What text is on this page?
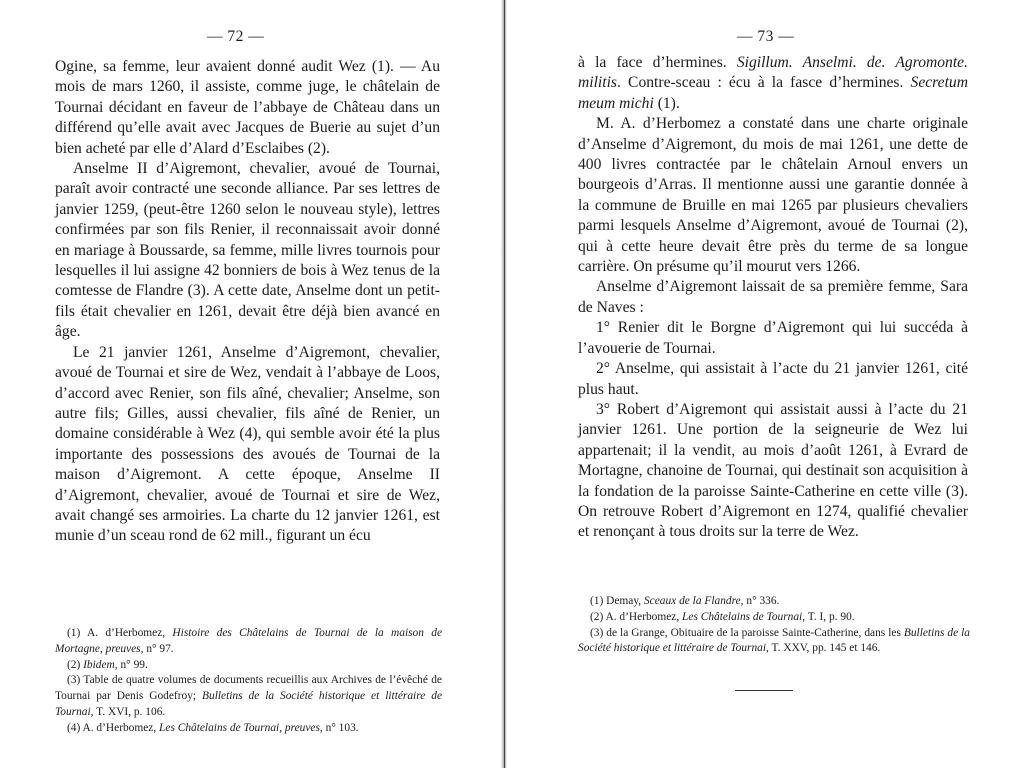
— 72 —

Ogine, sa femme, leur avaient donné audit Wez (1). — Au mois de mars 1260, il assiste, comme juge, le châtelain de Tournai décidant en faveur de l’abbaye de Château dans un différend qu’elle avait avec Jacques de Buerie au sujet d’un bien acheté par elle d’Alard d’Esclaibes (2).

Anselme II d’Aigremont, chevalier, avoué de Tournai, paraît avoir contracté une seconde alliance. Par ses lettres de janvier 1259, (peut-être 1260 selon le nouveau style), lettres confirmées par son fils Renier, il reconnaissait avoir donné en mariage à Boussarde, sa femme, mille livres tournois pour lesquelles il lui assigne 42 bonniers de bois à Wez tenus de la comtesse de Flandre (3). A cette date, Anselme dont un petit-fils était chevalier en 1261, devait être déjà bien avancé en âge.

Le 21 janvier 1261, Anselme d’Aigremont, chevalier, avoué de Tournai et sire de Wez, vendait à l’abbaye de Loos, d’accord avec Renier, son fils aîné, chevalier; Anselme, son autre fils; Gilles, aussi chevalier, fils aîné de Renier, un domaine considérable à Wez (4), qui semble avoir été la plus importante des possessions des avoués de Tournai de la maison d’Aigremont. A cette époque, Anselme II d’Aigremont, chevalier, avoué de Tournai et sire de Wez, avait changé ses armoiries. La charte du 12 janvier 1261, est munie d’un sceau rond de 62 mill., figurant un écu

(1) A. d’Herbomez, Histoire des Châtelains de Tournai de la maison de Mortagne, preuves, n° 97.

(2) Ibidem, n° 99.

(3) Table de quatre volumes de documents recueillis aux Archives de l’évêché de Tournai par Denis Godefroy; Bulletins de la Société historique et littéraire de Tournai, T. XVI, p. 106.

(4) A. d’Herbomez, Les Châtelains de Tournai, preuves, n° 103.

— 73 —

à la face d’hermines. Sigillum. Anselmi. de. Agromonte. militis. Contre-sceau : écu à la fasce d’hermines. Secretum meum michi (1).

M. A. d’Herbomez a constaté dans une charte originale d’Anselme d’Aigremont, du mois de mai 1261, une dette de 400 livres contractée par le châtelain Arnoul envers un bourgeois d’Arras. Il mentionne aussi une garantie donnée à la commune de Bruille en mai 1265 par plusieurs chevaliers parmi lesquels Anselme d’Aigremont, avoué de Tournai (2), qui à cette heure devait être près du terme de sa longue carrière. On présume qu’il mourut vers 1266.

Anselme d’Aigremont laissait de sa première femme, Sara de Naves :

1° Renier dit le Borgne d’Aigremont qui lui succéda à l’avouerie de Tournai.

2° Anselme, qui assistait à l’acte du 21 janvier 1261, cité plus haut.

3° Robert d’Aigremont qui assistait aussi à l’acte du 21 janvier 1261. Une portion de la seigneurie de Wez lui appartenait; il la vendit, au mois d’août 1261, à Evrard de Mortagne, chanoine de Tournai, qui destinait son acquisition à la fondation de la paroisse Sainte-Catherine en cette ville (3). On retrouve Robert d’Aigremont en 1274, qualifié chevalier et renonçant à tous droits sur la terre de Wez.

(1) Demay, Sceaux de la Flandre, n° 336.

(2) A. d’Herbomez, Les Châtelains de Tournai, T. I, p. 90.

(3) de la Grange, Obituaire de la paroisse Sainte-Catherine, dans les Bulletins de la Société historique et littéraire de Tournai, T. XXV, pp. 145 et 146.
